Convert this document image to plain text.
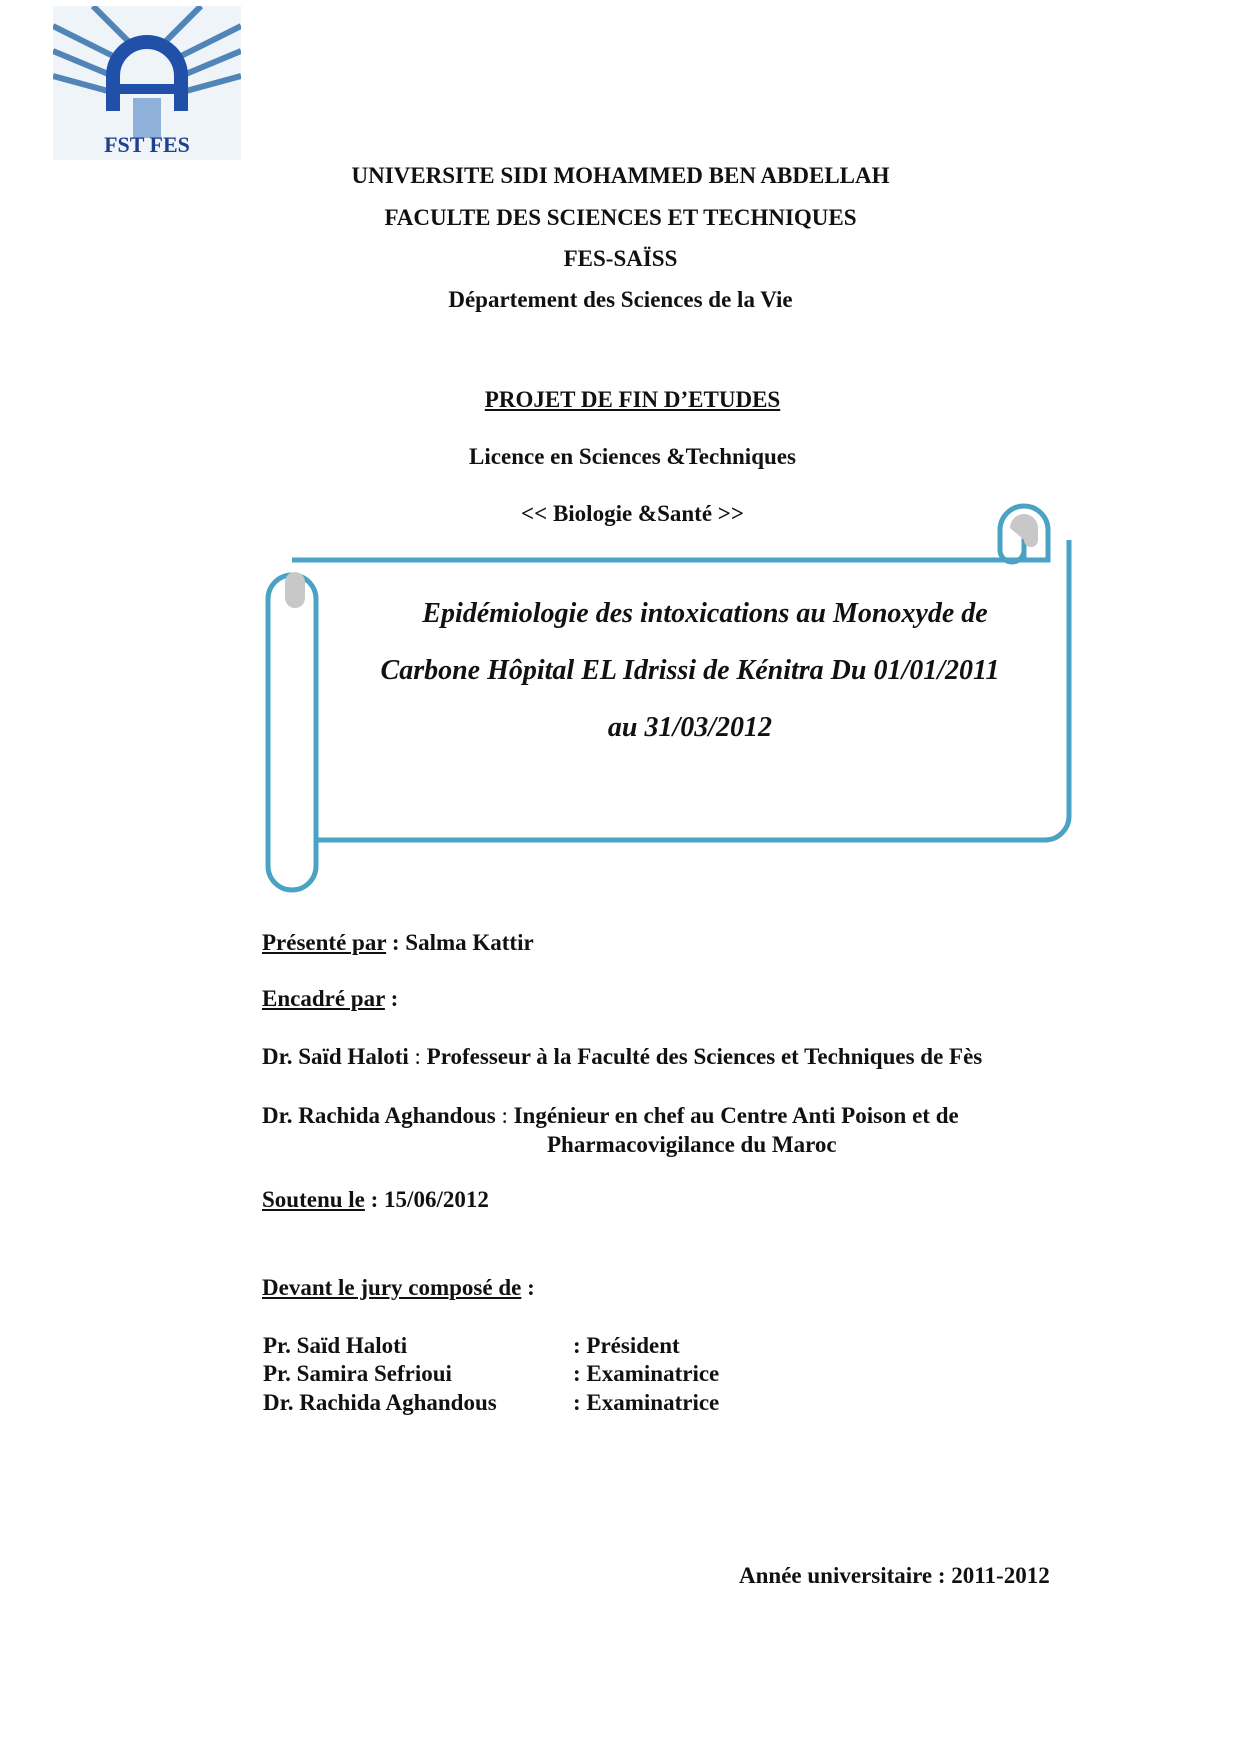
FST FES
UNIVERSITE SIDI MOHAMMED BEN ABDELLAH
FACULTE DES SCIENCES ET TECHNIQUES
FES-SAÏSS
Département des Sciences de la Vie
PROJET DE FIN D’ETUDES
Licence en Sciences &Techniques
<< Biologie &Santé >>
Epidémiologie des intoxications au Monoxyde de
Carbone Hôpital EL Idrissi de Kénitra Du 01/01/2011
au 31/03/2012
Présenté par : Salma Kattir
Encadré par :
Dr. Saïd Haloti : Professeur à la Faculté des Sciences et Techniques de Fès
Dr. Rachida Aghandous : Ingénieur en chef au Centre Anti Poison et de
Pharmacovigilance du Maroc
Soutenu le : 15/06/2012
Devant le jury composé de :
Pr. Saïd Haloti	: Président
Pr. Samira Sefrioui	: Examinatrice
Dr. Rachida Aghandous	: Examinatrice
Année universitaire : 2011-2012
